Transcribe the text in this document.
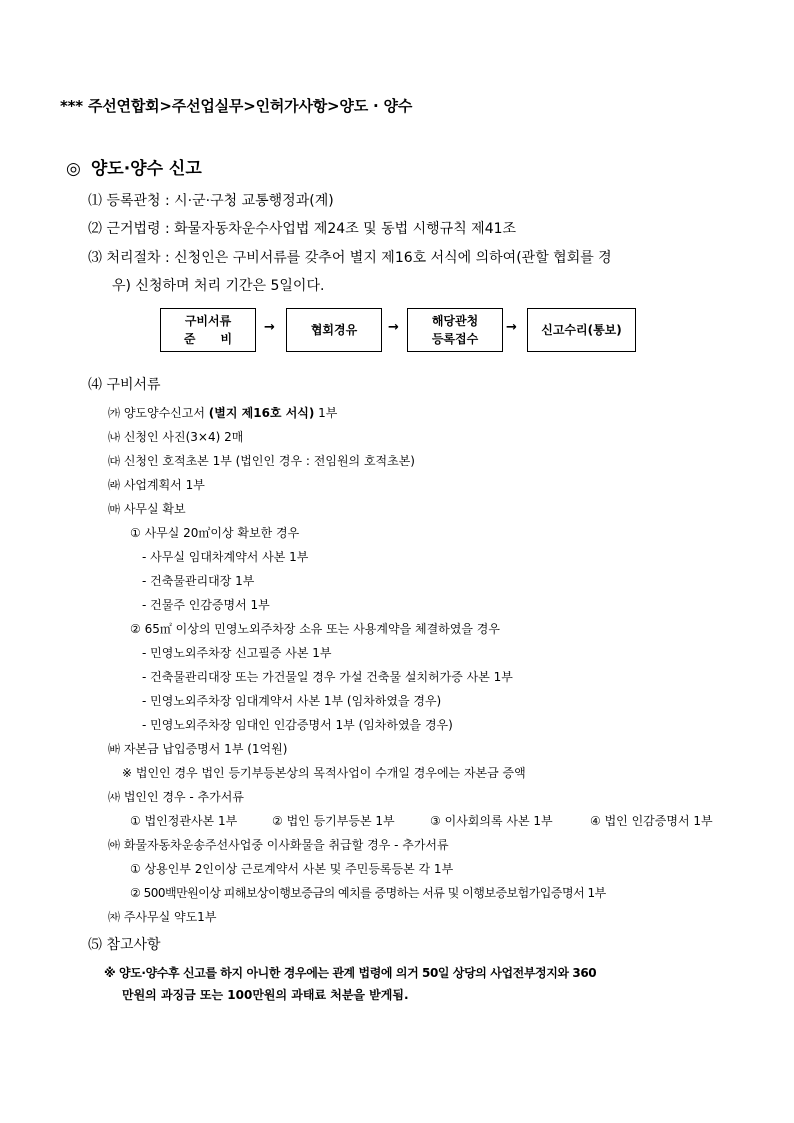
*** 주선연합회>주선업실무>인허가사항>양도 · 양수
◎ 양도·양수 신고
⑴ 등록관청 : 시·군·구청 교통행정과(계)
⑵ 근거법령 : 화물자동차운수사업법 제24조 및 동법 시행규칙 제41조
⑶ 처리절차 : 신청인은 구비서류를 갖추어 별지 제16호 서식에 의하여(관할 협회를 경
우) 신청하며 처리 기간은 5일이다.
구비서류
준      비
→	협회경유 →	해당관청
등록접수
→ 신고수리(통보)
⑷ 구비서류
㈎ 양도양수신고서 (별지 제16호 서식) 1부
㈏ 신청인 사진(3×4) 2매
㈐ 신청인 호적초본 1부 (법인인 경우 : 전임원의 호적초본)
㈑ 사업계획서 1부
㈒ 사무실 확보
① 사무실 20㎡이상 확보한 경우
- 사무실 임대차계약서 사본 1부
- 건축물관리대장 1부
- 건물주 인감증명서 1부
② 65㎡ 이상의 민영노외주차장 소유 또는 사용계약을 체결하였을 경우
- 민영노외주차장 신고필증 사본 1부
- 건축물관리대장 또는 가건물일 경우 가설 건축물 설치허가증 사본 1부
- 민영노외주차장 임대계약서 사본 1부 (임차하였을 경우)
- 민영노외주차장 임대인 인감증명서 1부 (임차하였을 경우)
㈓ 자본금 납입증명서 1부 (1억원)
※ 법인인 경우 법인 등기부등본상의 목적사업이 수개일 경우에는 자본금 증액
㈔ 법인인 경우 - 추가서류
① 법인정관사본 1부	② 법인 등기부등본 1부	③ 이사회의록 사본 1부	④ 법인 인감증명서 1부
㈕ 화물자동차운송주선사업중 이사화물을 취급할 경우 - 추가서류
① 상용인부 2인이상 근로계약서 사본 및 주민등록등본 각 1부
② 500백만원이상 피해보상이행보증금의 예치를 증명하는 서류 및 이행보증보험가입증명서 1부
㈖ 주사무실 약도1부
⑸ 참고사항
※ 양도·양수후 신고를 하지 아니한 경우에는 관계 법령에 의거 50일 상당의 사업전부정지와 360
만원의 과징금 또는 100만원의 과태료 처분을 받게됨.
